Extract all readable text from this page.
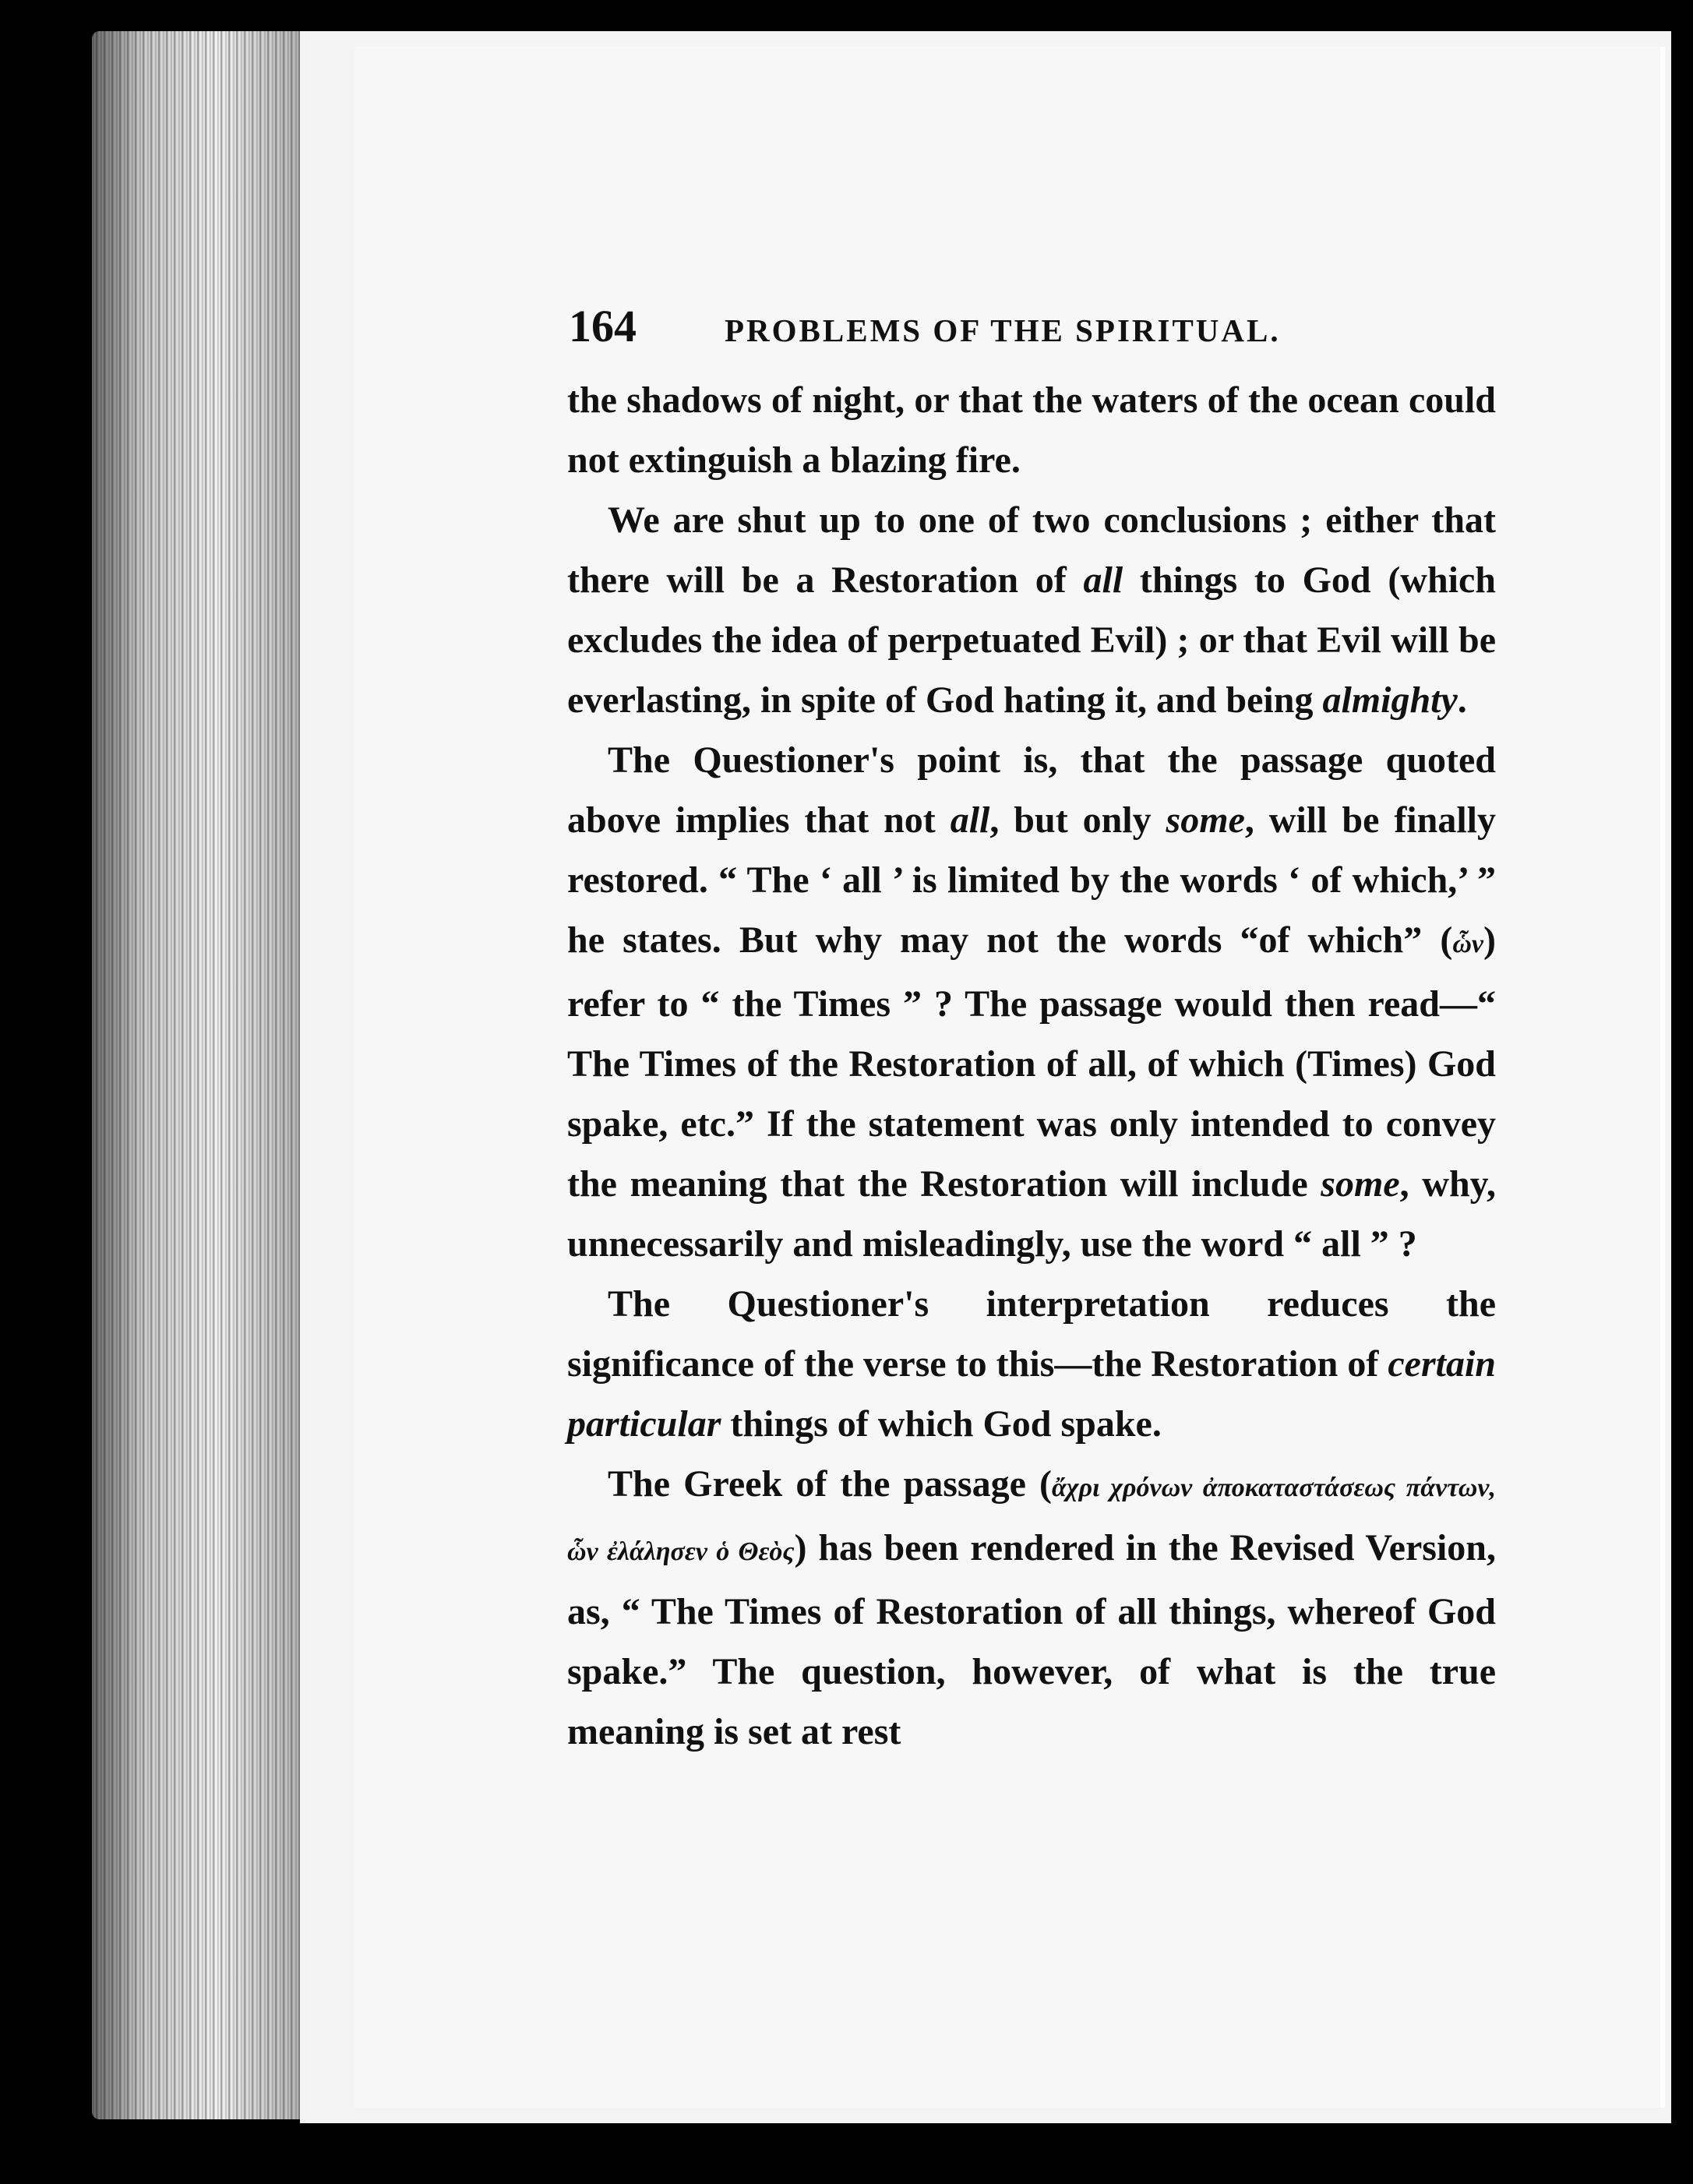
164	PROBLEMS OF THE SPIRITUAL.

the shadows of night, or that the waters of the ocean could not extinguish a blazing fire.

We are shut up to one of two conclusions ; either that there will be a Restoration of all things to God (which excludes the idea of perpetuated Evil) ; or that Evil will be everlasting, in spite of God hating it, and being almighty.

The Questioner's point is, that the passage quoted above implies that not all, but only some, will be finally restored. “ The ‘ all ’ is limited by the words ‘ of which,’ ” he states. But why may not the words “of which” (ὧν) refer to “ the Times ” ? The passage would then read—“ The Times of the Restoration of all, of which (Times) God spake, etc.” If the statement was only intended to convey the meaning that the Restoration will include some, why, unnecessarily and misleadingly, use the word “ all ” ?

The Questioner's interpretation reduces the significance of the verse to this—the Restoration of certain particular things of which God spake.

The Greek of the passage (ἄχρι χρόνων ἀποκαταστάσεως πάντων, ὧν ἐλάλησεν ὁ Θεὸς) has been rendered in the Revised Version, as, “ The Times of Restoration of all things, whereof God spake.” The question, however, of what is the true meaning is set at rest
